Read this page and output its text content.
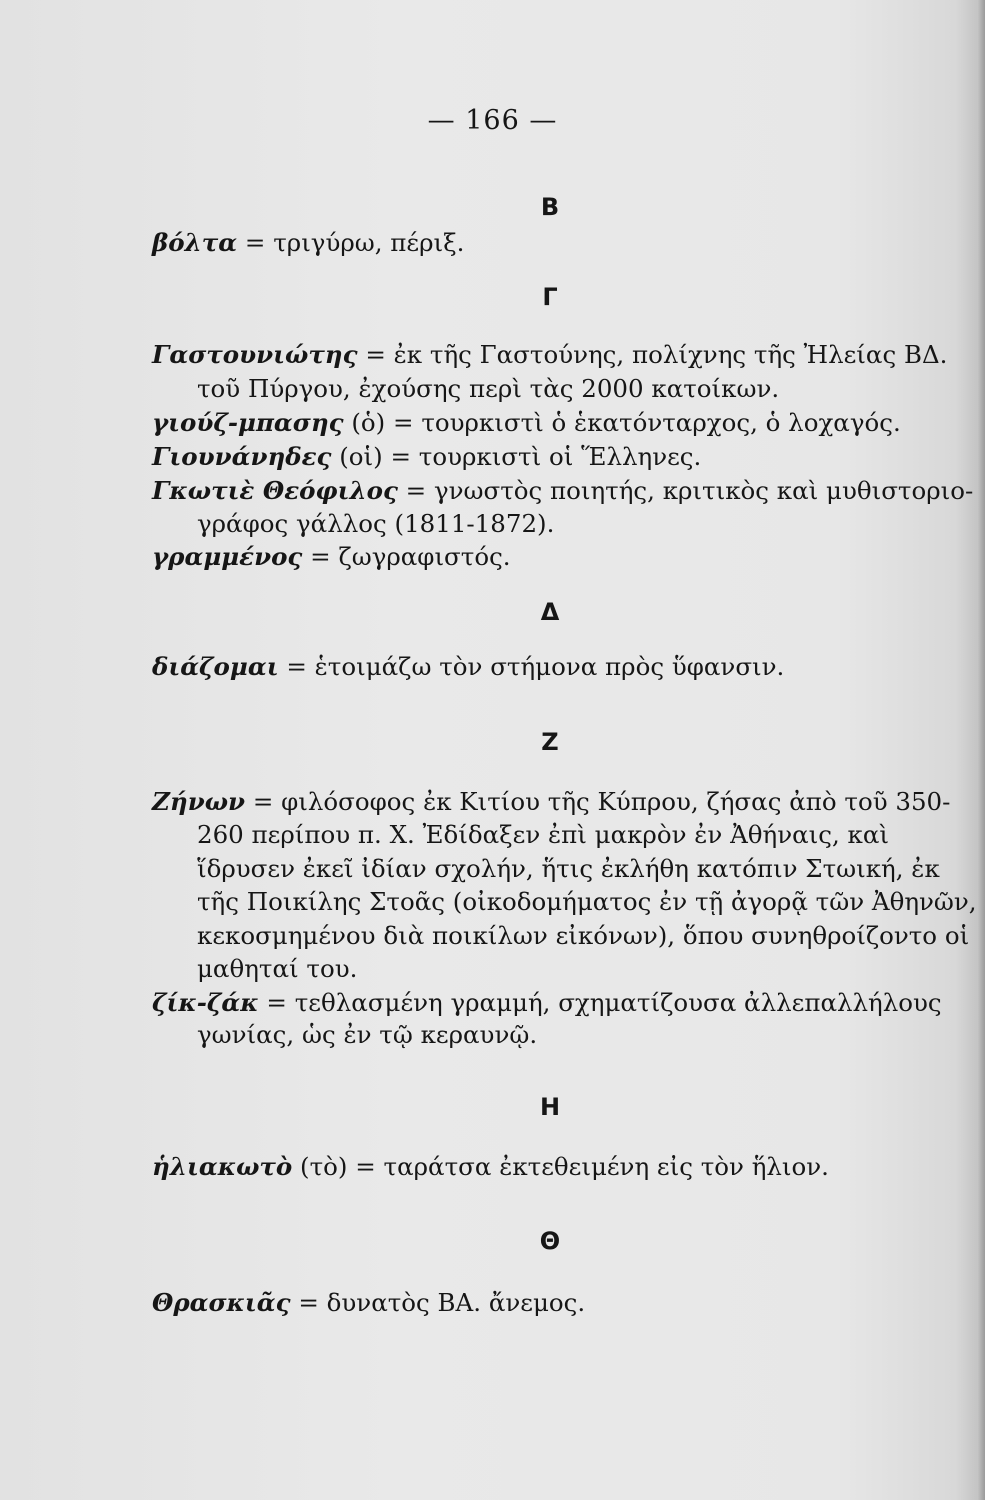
— 166 —
Β
βόλτα = τριγύρω, πέριξ.
Γ
Γαστουνιώτης = ἐκ τῆς Γαστούνης, πολίχνης τῆς Ἠλείας ΒΔ.
τοῦ Πύργου, ἐχούσης περὶ τὰς 2000 κατοίκων.
γιούζ-μπασης (ὁ) = τουρκιστὶ ὁ ἑκατόνταρχος, ὁ λοχαγός.
Γιουνάνηδες (οἱ) = τουρκιστὶ οἱ Ἕλληνες.
Γκωτιὲ Θεόφιλος = γνωστὸς ποιητής, κριτικὸς καὶ μυθιστοριο-
γράφος γάλλος (1811-1872).
γραμμένος = ζωγραφιστός.
Δ
διάζομαι = ἑτοιμάζω τὸν στήμονα πρὸς ὕφανσιν.
Ζ
Ζήνων = φιλόσοφος ἐκ Κιτίου τῆς Κύπρου, ζήσας ἀπὸ τοῦ 350-
260 περίπου π. Χ. Ἐδίδαξεν ἐπὶ μακρὸν ἐν Ἀθήναις, καὶ
ἵδρυσεν ἐκεῖ ἰδίαν σχολήν, ἥτις ἐκλήθη κατόπιν Στωική, ἐκ
τῆς Ποικίλης Στοᾶς (οἰκοδομήματος ἐν τῇ ἀγορᾷ τῶν Ἀθηνῶν,
κεκοσμημένου διὰ ποικίλων εἰκόνων), ὅπου συνηθροίζοντο οἱ
μαθηταί του.
ζίκ-ζάκ = τεθλασμένη γραμμή, σχηματίζουσα ἀλλεπαλλήλους
γωνίας, ὡς ἐν τῷ κεραυνῷ.
Η
ἡλιακωτὸ (τὸ) = ταράτσα ἐκτεθειμένη εἰς τὸν ἥλιον.
Θ
Θρασκιᾶς = δυνατὸς ΒΑ. ἄνεμος.
